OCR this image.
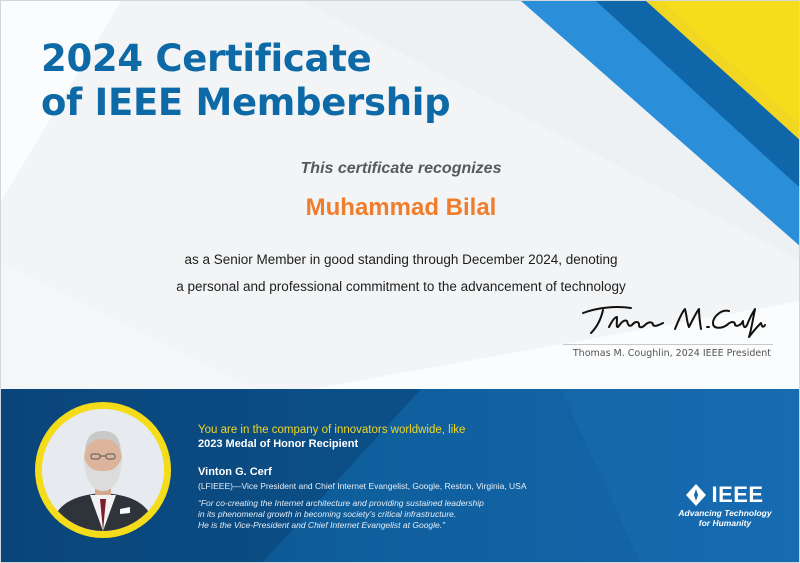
2024 Certificate
of IEEE Membership
This certificate recognizes
Muhammad Bilal
as a Senior Member in good standing through December 2024, denoting
a personal and professional commitment to the advancement of technology
Thomas M. Coughlin, 2024 IEEE President
You are in the company of innovators worldwide, like
2023 Medal of Honor Recipient
Vinton G. Cerf
(LFIEEE)—Vice President and Chief Internet Evangelist, Google, Reston, Virginia, USA
“For co-creating the Internet architecture and providing sustained leadership
in its phenomenal growth in becoming society’s critical infrastructure.
He is the Vice-President and Chief Internet Evangelist at Google.”
IEEE
Advancing Technology
for Humanity
